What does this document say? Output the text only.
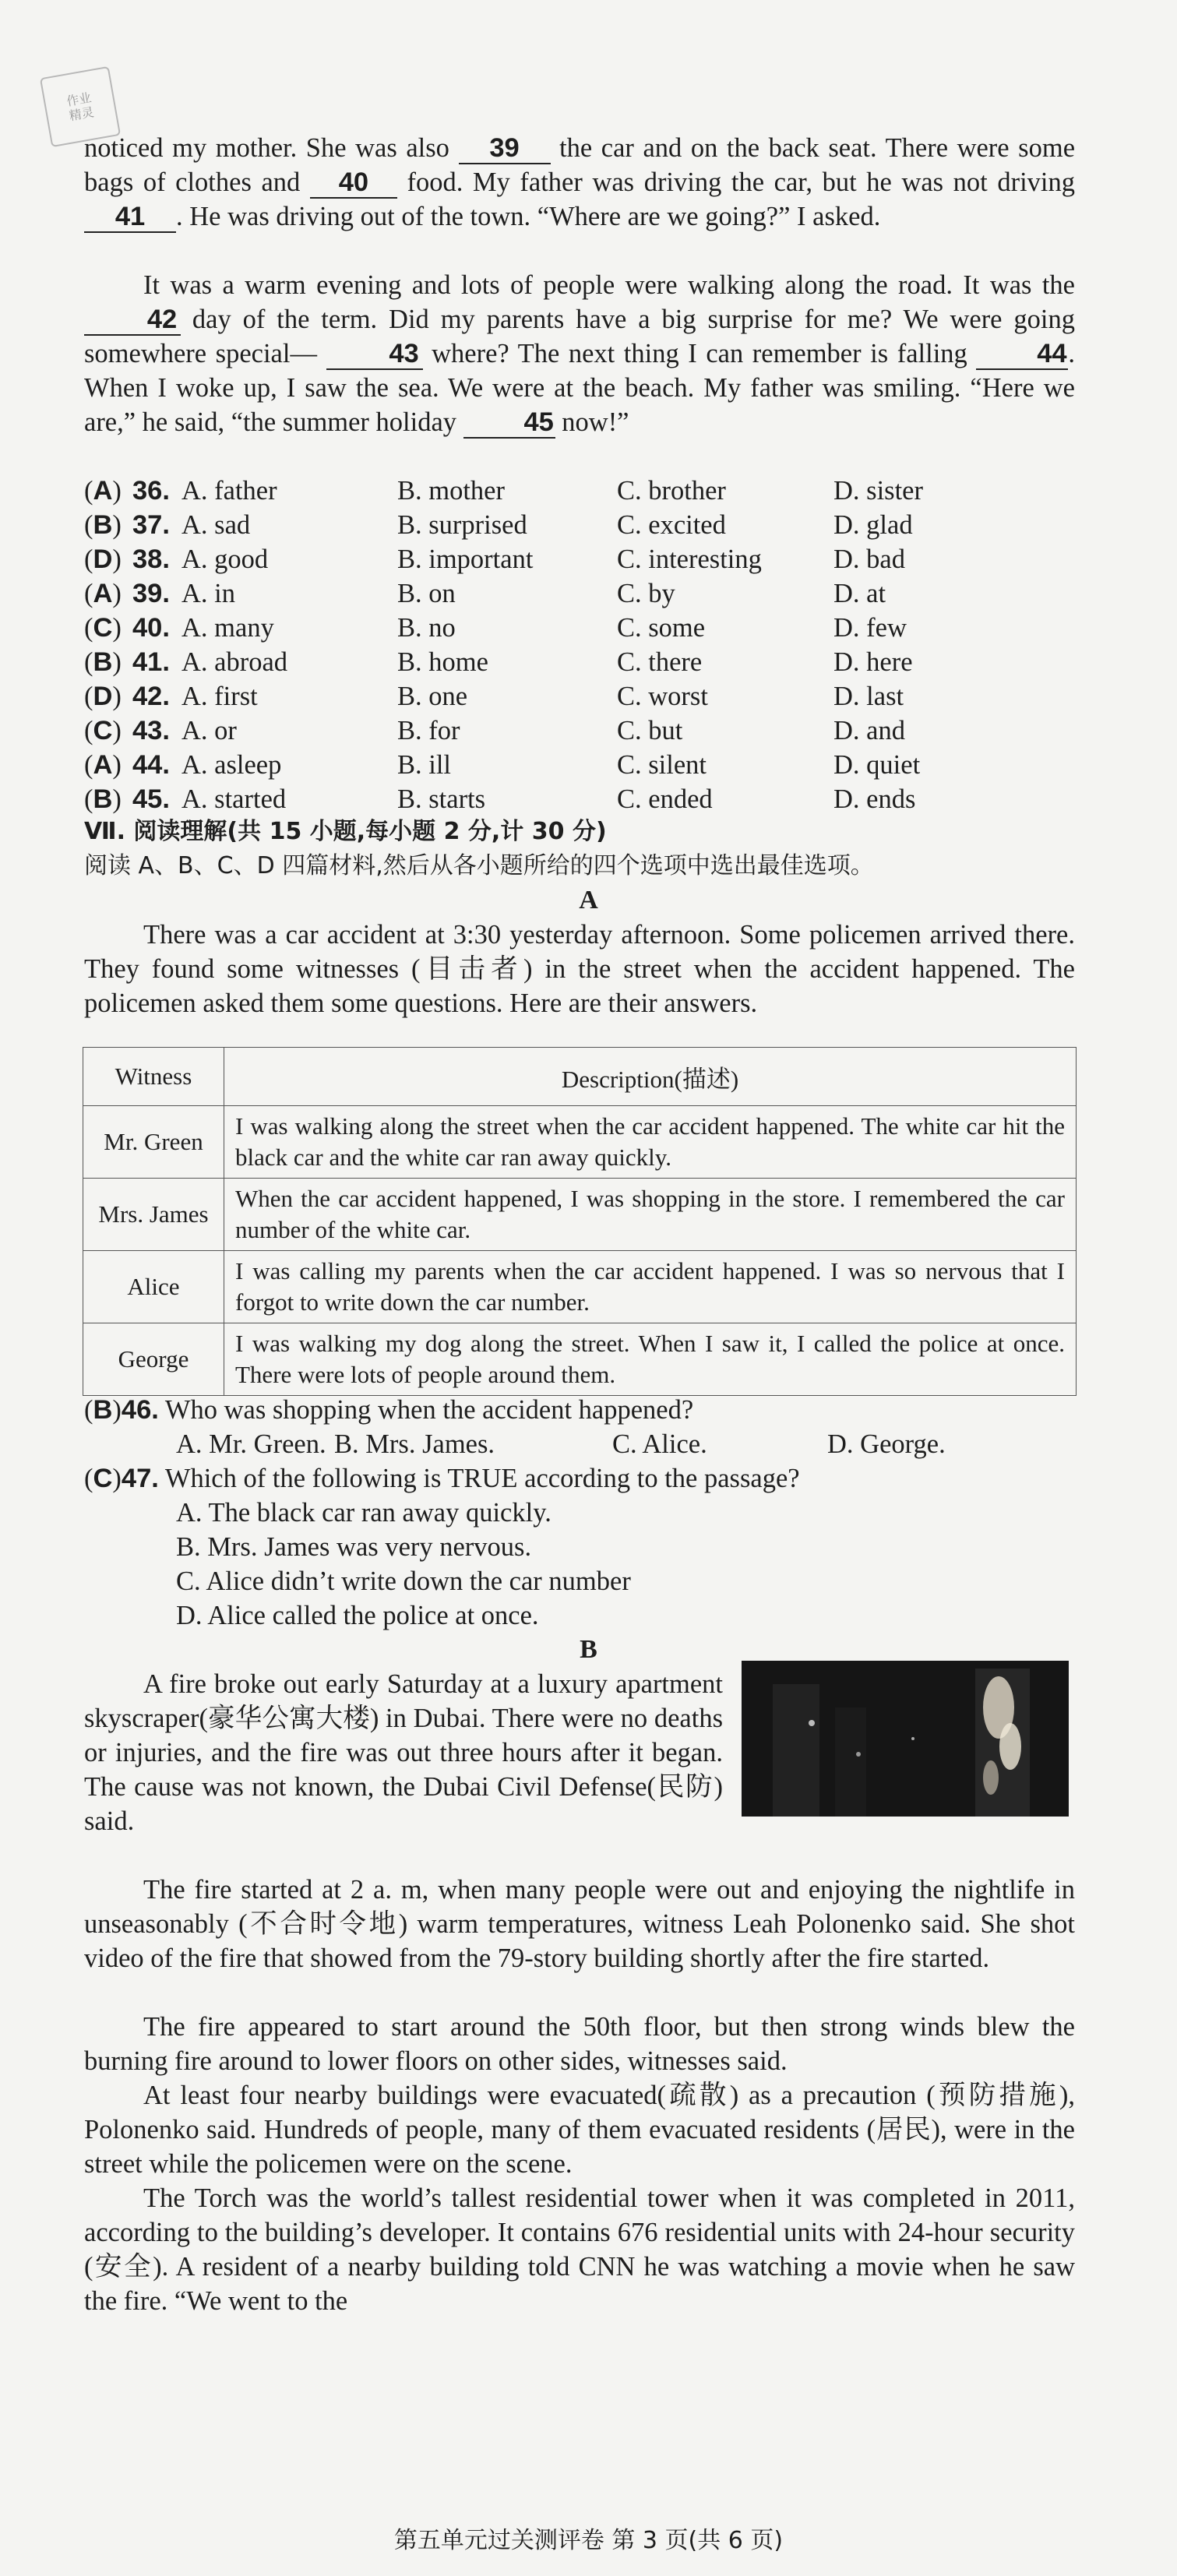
作业
精灵
noticed my mother. She was also 39 the car and on the back seat. There were some bags of clothes and 40 food. My father was driving the car, but he was not driving 41 . He was driving out of the town. “Where are we going?” I asked.
It was a warm evening and lots of people were walking along the road. It was the 42 day of the term. Did my parents have a big surprise for me? We were going somewhere special— 43 where? The next thing I can remember is falling 44. When I woke up, I saw the sea. We were at the beach. My father was smiling. “Here we are,” he said, “the summer holiday 45 now!”
(A) 36. A. father	B. mother	C. brother	D. sister
(B) 37. A. sad	B. surprised	C. excited	D. glad
(D) 38. A. good	B. important	C. interesting	D. bad
(A) 39. A. in	B. on	C. by	D. at
(C) 40. A. many	B. no	C. some	D. few
(B) 41. A. abroad	B. home	C. there	D. here
(D) 42. A. first	B. one	C. worst	D. last
(C) 43. A. or	B. for	C. but	D. and
(A) 44. A. asleep	B. ill	C. silent	D. quiet
(B) 45. A. started	B. starts	C. ended	D. ends
Ⅶ. 阅读理解(共 15 小题,每小题 2 分,计 30 分)
阅读 A、B、C、D 四篇材料,然后从各小题所给的四个选项中选出最佳选项。
A
There was a car accident at 3:30 yesterday afternoon. Some policemen arrived there. They found some witnesses (目击者) in the street when the accident happened. The policemen asked them some questions. Here are their answers.
Witness	Description(描述)
Mr. Green	I was walking along the street when the car accident happened. The white car hit the black car and the white car ran away quickly.
Mrs. James	When the car accident happened, I was shopping in the store. I remembered the car number of the white car.
Alice	I was calling my parents when the car accident happened. I was so nervous that I forgot to write down the car number.
George	I was walking my dog along the street. When I saw it, I called the police at once. There were lots of people around them.
(B)46. Who was shopping when the accident happened?
A. Mr. Green. B. Mrs. James.	C. Alice.	D. George.
(C)47. Which of the following is TRUE according to the passage?
A. The black car ran away quickly.
B. Mrs. James was very nervous.
C. Alice didn’t write down the car number
D. Alice called the police at once.
B
A fire broke out early Saturday at a luxury apartment skyscraper(豪华公寓大楼) in Dubai. There were no deaths or injuries, and the fire was out three hours after it began. The cause was not known, the Dubai Civil Defense(民防) said.
The fire started at 2 a. m, when many people were out and enjoying the nightlife in unseasonably (不合时令地) warm temperatures, witness Leah Polonenko said. She shot video of the fire that showed from the 79-story building shortly after the fire started.
The fire appeared to start around the 50th floor, but then strong winds blew the burning fire around to lower floors on other sides, witnesses said.
At least four nearby buildings were evacuated(疏散) as a precaution (预防措施), Polonenko said. Hundreds of people, many of them evacuated residents (居民), were in the street while the policemen were on the scene.
The Torch was the world’s tallest residential tower when it was completed in 2011, according to the building’s developer. It contains 676 residential units with 24-hour security (安全). A resident of a nearby building told CNN he was watching a movie when he saw the fire. “We went to the
第五单元过关测评卷 第 3 页(共 6 页)
